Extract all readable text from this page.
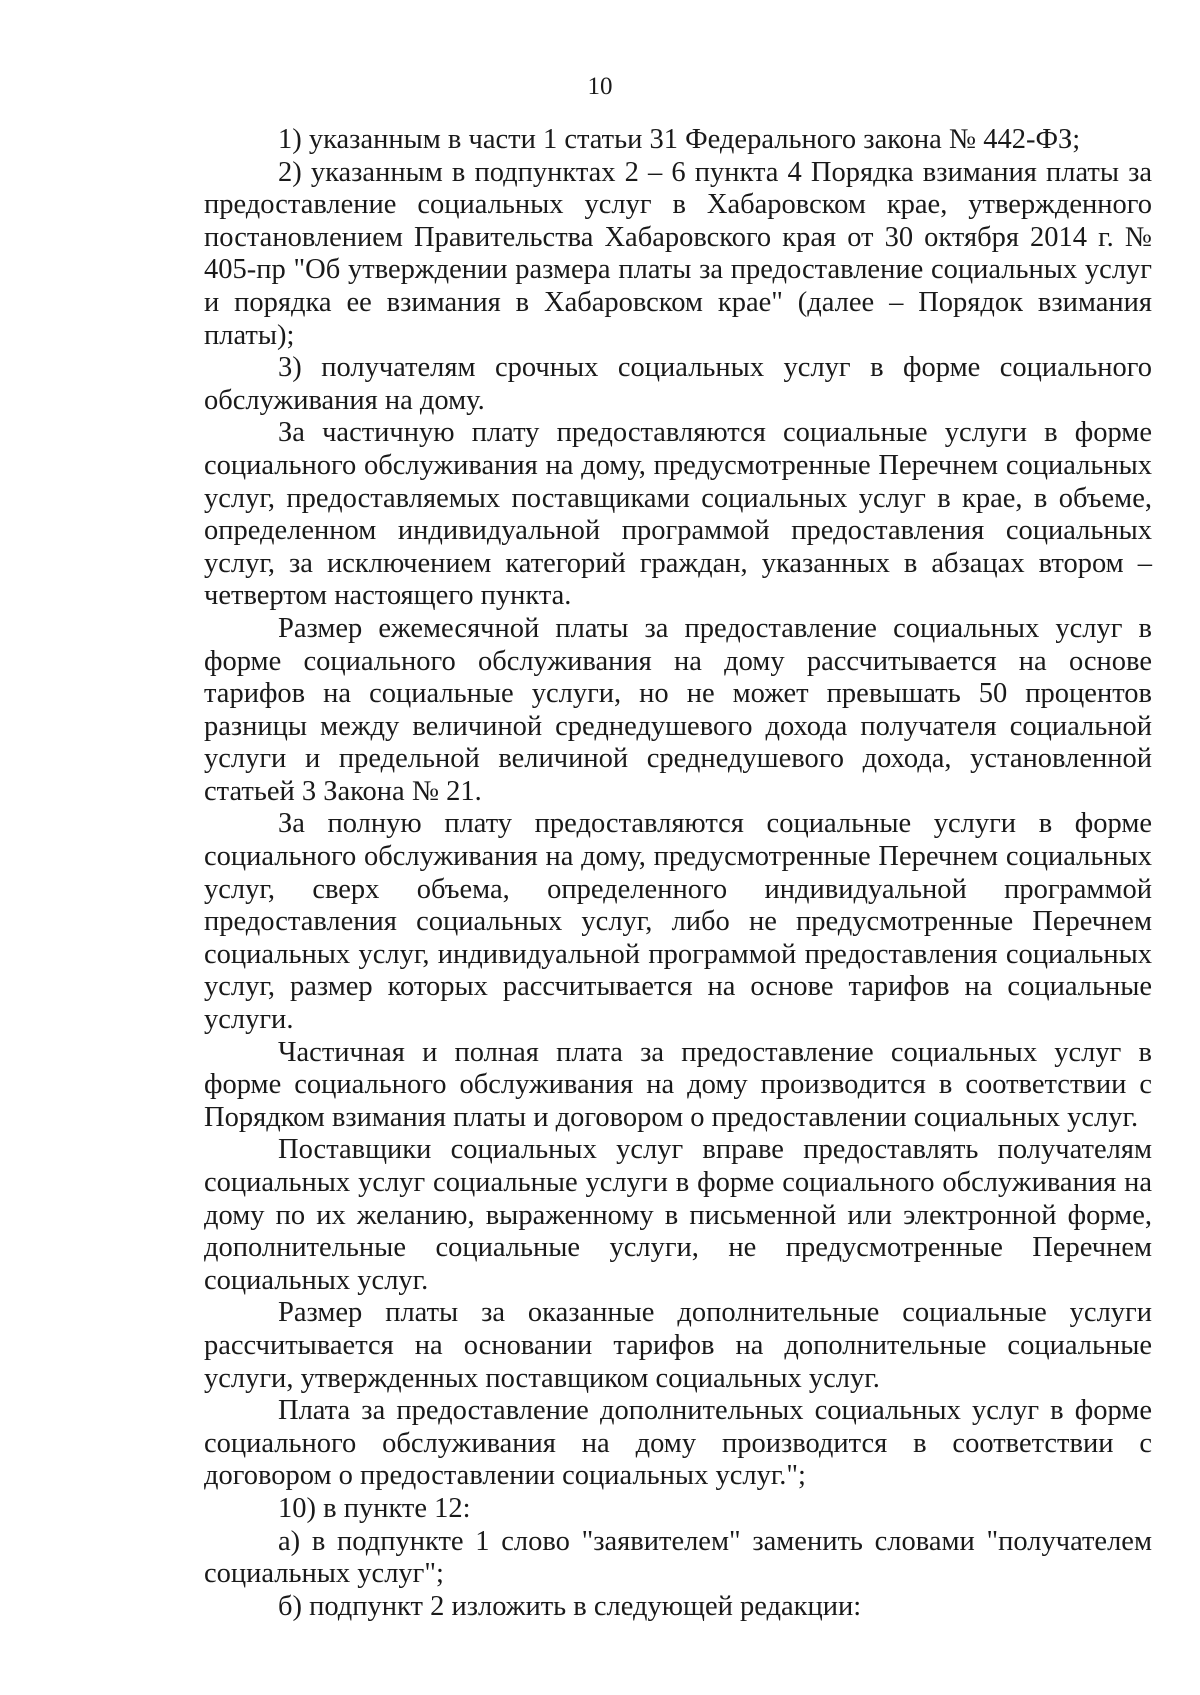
10

1) указанным в части 1 статьи 31 Федерального закона № 442-ФЗ;

2) указанным в подпунктах 2 – 6 пункта 4 Порядка взимания платы за предоставление социальных услуг в Хабаровском крае, утвержденного постановлением Правительства Хабаровского края от 30 октября 2014 г. № 405-пр "Об утверждении размера платы за предоставление социальных услуг и порядка ее взимания в Хабаровском крае" (далее – Порядок взимания платы);

3) получателям срочных социальных услуг в форме социального обслуживания на дому.

За частичную плату предоставляются социальные услуги в форме социального обслуживания на дому, предусмотренные Перечнем социальных услуг, предоставляемых поставщиками социальных услуг в крае, в объеме, определенном индивидуальной программой предоставления социальных услуг, за исключением категорий граждан, указанных в абзацах втором – четвертом настоящего пункта.

Размер ежемесячной платы за предоставление социальных услуг в форме социального обслуживания на дому рассчитывается на основе тарифов на социальные услуги, но не может превышать 50 процентов разницы между величиной среднедушевого дохода получателя социальной услуги и предельной величиной среднедушевого дохода, установленной статьей 3 Закона № 21.

За полную плату предоставляются социальные услуги в форме социального обслуживания на дому, предусмотренные Перечнем социальных услуг, сверх объема, определенного индивидуальной программой предоставления социальных услуг, либо не предусмотренные Перечнем социальных услуг, индивидуальной программой предоставления социальных услуг, размер которых рассчитывается на основе тарифов на социальные услуги.

Частичная и полная плата за предоставление социальных услуг в форме социального обслуживания на дому производится в соответствии с Порядком взимания платы и договором о предоставлении социальных услуг.

Поставщики социальных услуг вправе предоставлять получателям социальных услуг социальные услуги в форме социального обслуживания на дому по их желанию, выраженному в письменной или электронной форме, дополнительные социальные услуги, не предусмотренные Перечнем социальных услуг.

Размер платы за оказанные дополнительные социальные услуги рассчитывается на основании тарифов на дополнительные социальные услуги, утвержденных поставщиком социальных услуг.

Плата за предоставление дополнительных социальных услуг в форме социального обслуживания на дому производится в соответствии с договором о предоставлении социальных услуг.";

10) в пункте 12:

а) в подпункте 1 слово "заявителем" заменить словами "получателем социальных услуг";

б) подпункт 2 изложить в следующей редакции:
